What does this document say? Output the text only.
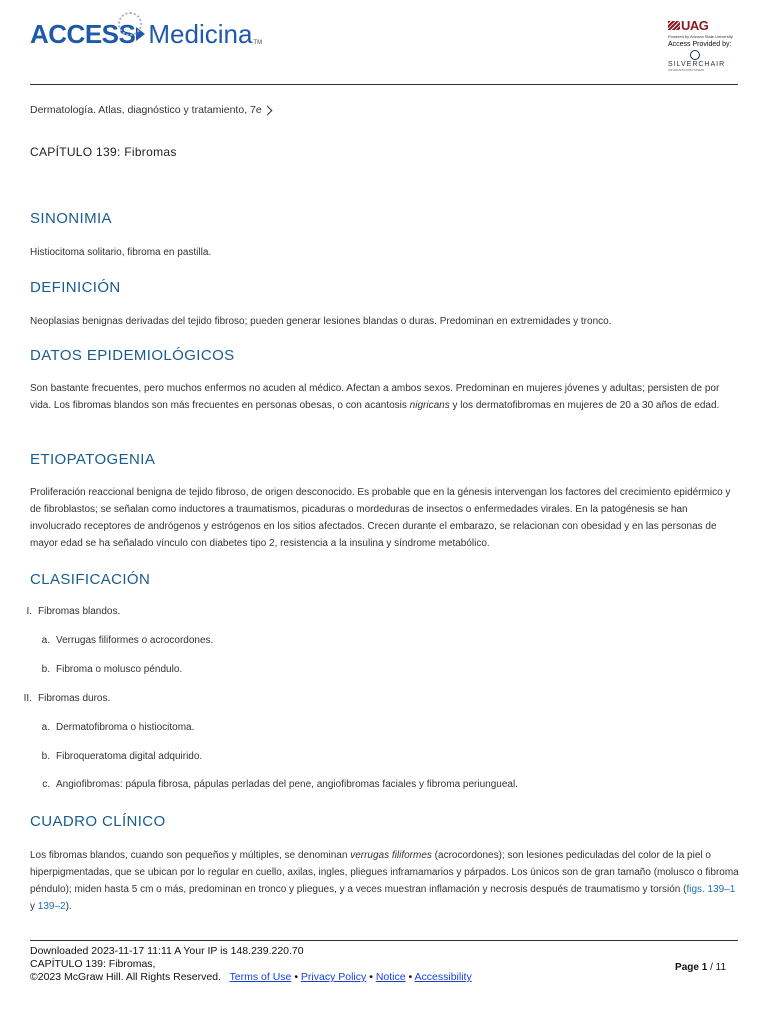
ACCESS Medicina TM
UAG
Powered by Arizona State University
Access Provided by:
SILVERCHAIR
INFORMATION/SYSTEMS
Dermatología. Atlas, diagnóstico y tratamiento, 7e
CAPÍTULO 139: Fibromas
SINONIMIA

Histiocitoma solitario, fibroma en pastilla.

DEFINICIÓN

Neoplasias benignas derivadas del tejido fibroso; pueden generar lesiones blandas o duras. Predominan en extremidades y tronco.

DATOS EPIDEMIOLÓGICOS

Son bastante frecuentes, pero muchos enfermos no acuden al médico. Afectan a ambos sexos. Predominan en mujeres jóvenes y adultas; persisten de por vida. Los fibromas blandos son más frecuentes en personas obesas, o con acantosis nigricans y los dermatofibromas en mujeres de 20 a 30 años de edad.

ETIOPATOGENIA

Proliferación reaccional benigna de tejido fibroso, de origen desconocido. Es probable que en la génesis intervengan los factores del crecimiento epidérmico y de fibroblastos; se señalan como inductores a traumatismos, picaduras o mordeduras de insectos o enfermedades virales. En la patogénesis se han involucrado receptores de andrógenos y estrógenos en los sitios afectados. Crecen durante el embarazo, se relacionan con obesidad y en las personas de mayor edad se ha señalado vínculo con diabetes tipo 2, resistencia a la insulina y síndrome metabólico.

CLASIFICACIÓN
I. Fibromas blandos.
a. Verrugas filiformes o acrocordones.
b. Fibroma o molusco péndulo.
II. Fibromas duros.
a. Dermatofibroma o histiocitoma.
b. Fibroqueratoma digital adquirido.
c. Angiofibromas: pápula fibrosa, pápulas perladas del pene, angiofibromas faciales y fibroma periungueal.
CUADRO CLÍNICO

Los fibromas blandos, cuando son pequeños y múltiples, se denominan verrugas filiformes (acrocordones); son lesiones pediculadas del color de la piel o hiperpigmentadas, que se ubican por lo regular en cuello, axilas, ingles, pliegues inframamarios y párpados. Los únicos son de gran tamaño (molusco o fibroma péndulo); miden hasta 5 cm o más, predominan en tronco y pliegues, y a veces muestran inflamación y necrosis después de traumatismo y torsión (figs. 139–1 y 139–2).

Downloaded 2023-11-17 11:11 A Your IP is 148.239.220.70
CAPÍTULO 139: Fibromas,
©2023 McGraw Hill. All Rights Reserved. Terms of Use • Privacy Policy • Notice • Accessibility
Page 1 / 11
